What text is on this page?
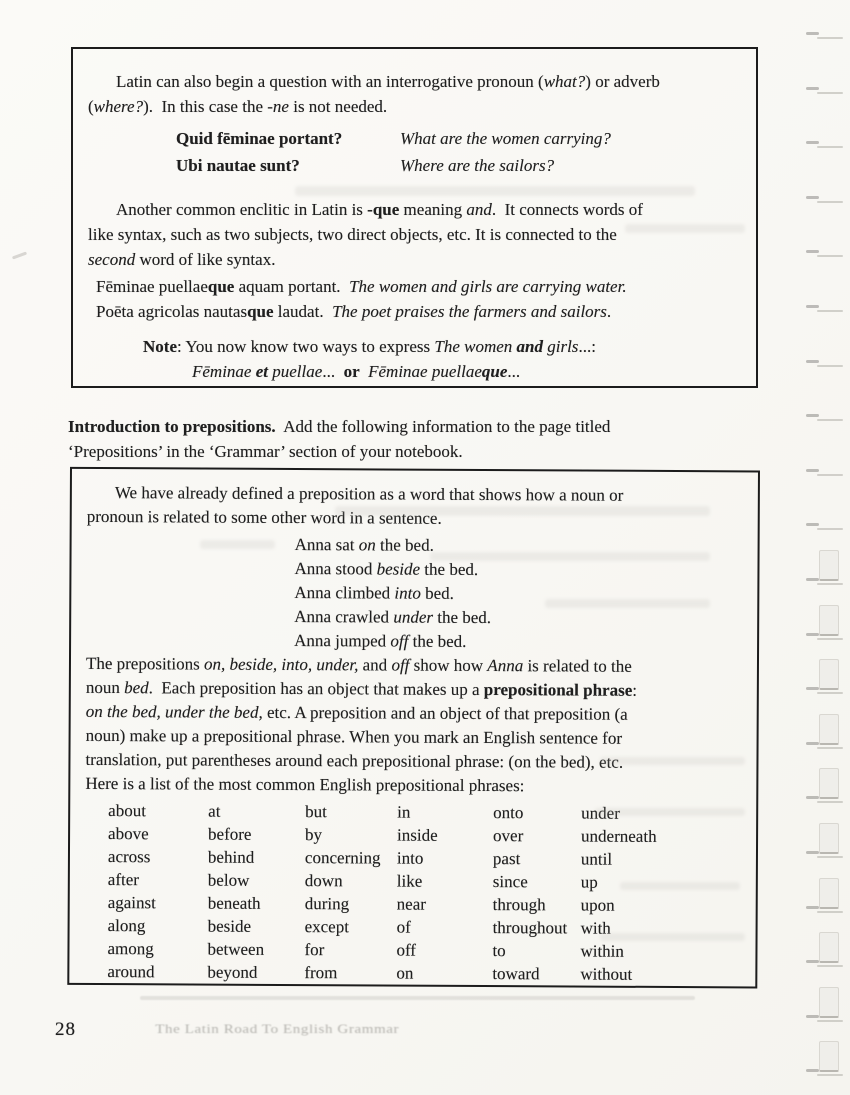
Latin can also begin a question with an interrogative pronoun (what?) or adverb
(where?).  In this case the -ne is not needed.

Quid fēminae portant?	What are the women carrying?
Ubi nautae sunt?	Where are the sailors?

Another common enclitic in Latin is -que meaning and.  It connects words of
like syntax, such as two subjects, two direct objects, etc. It is connected to the
second word of like syntax.

Fēminae puellaeque aquam portant.  The women and girls are carrying water.

Poēta agricolas nautasque laudat.  The poet praises the farmers and sailors.

Note: You now know two ways to express The women and girls...:

Fēminae et puellae...  or Fēminae puellaeque...

Introduction to prepositions.  Add the following information to the page titled
‘Prepositions’ in the ‘Grammar’ section of your notebook.

We have already defined a preposition as a word that shows how a noun or
pronoun is related to some other word in a sentence.

Anna sat on the bed.
Anna stood beside the bed.
Anna climbed into bed.
Anna crawled under the bed.
Anna jumped off the bed.

The prepositions on, beside, into, under, and off show how Anna is related to the
noun bed.  Each preposition has an object that makes up a prepositional phrase:
on the bed, under the bed, etc. A preposition and an object of that preposition (a
noun) make up a prepositional phrase. When you mark an English sentence for
translation, put parentheses around each prepositional phrase: (on the bed), etc.
Here is a list of the most common English prepositional phrases:

about	at	but	in	onto	under
above	before	by	inside	over	underneath
across	behind	concerning into	past	until
after	below	down	like	since	up
against	beneath	during	near	through	upon
along	beside	except	of	throughout with
among	between	for	off	to	within
around	beyond	from	on	toward	without
28	The Latin Road To English Grammar
